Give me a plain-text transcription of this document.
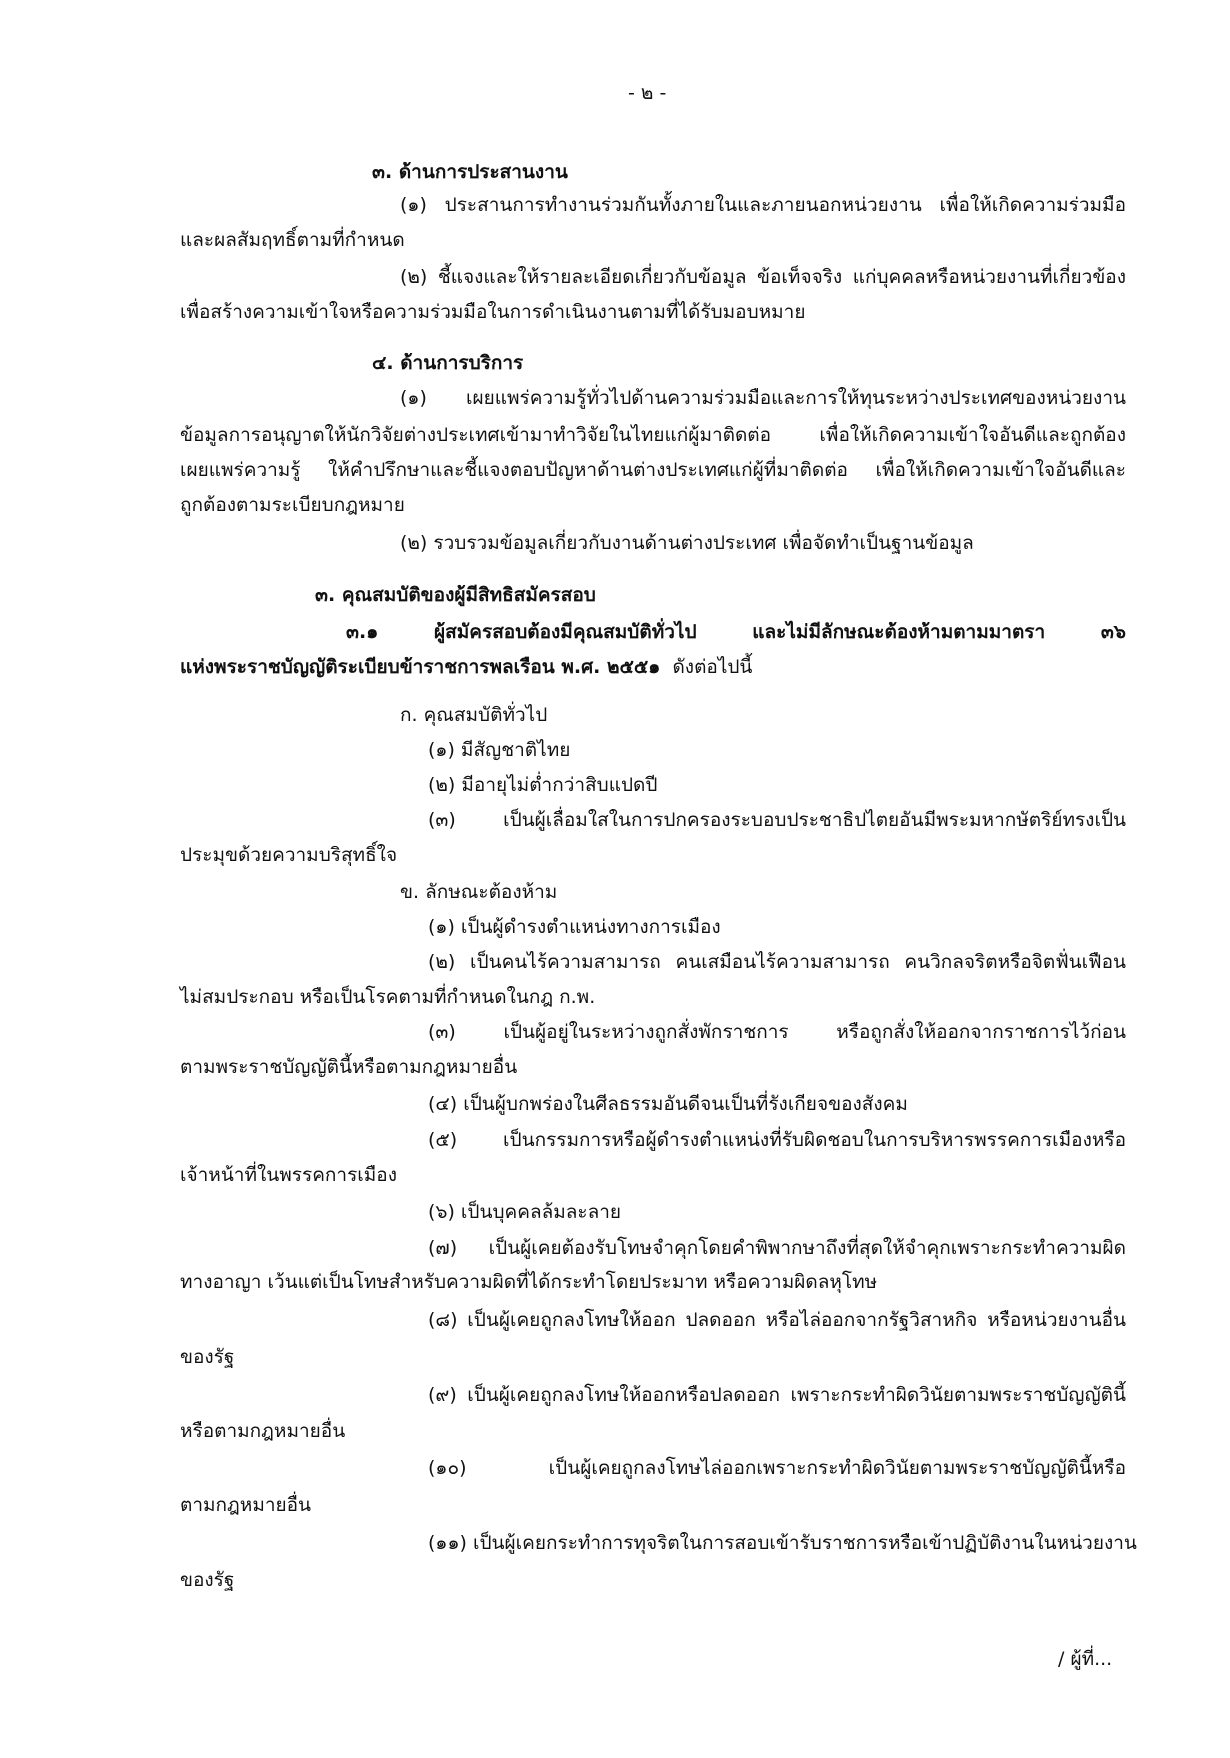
- ๒ -
๓. ด้านการประสานงาน
(๑) ประสานการทำงานร่วมกันทั้งภายในและภายนอกหน่วยงาน เพื่อให้เกิดความร่วมมือ
และผลสัมฤทธิ์ตามที่กำหนด
(๒) ชี้แจงและให้รายละเอียดเกี่ยวกับข้อมูล ข้อเท็จจริง แก่บุคคลหรือหน่วยงานที่เกี่ยวข้อง
เพื่อสร้างความเข้าใจหรือความร่วมมือในการดำเนินงานตามที่ได้รับมอบหมาย
๔. ด้านการบริการ
(๑) เผยแพร่ความรู้ทั่วไปด้านความร่วมมือและการให้ทุนระหว่างประเทศของหน่วยงาน
ข้อมูลการอนุญาตให้นักวิจัยต่างประเทศเข้ามาทำวิจัยในไทยแก่ผู้มาติดต่อ เพื่อให้เกิดความเข้าใจอันดีและถูกต้อง
เผยแพร่ความรู้ ให้คำปรึกษาและชี้แจงตอบปัญหาด้านต่างประเทศแก่ผู้ที่มาติดต่อ เพื่อให้เกิดความเข้าใจอันดีและ
ถูกต้องตามระเบียบกฎหมาย
(๒) รวบรวมข้อมูลเกี่ยวกับงานด้านต่างประเทศ เพื่อจัดทำเป็นฐานข้อมูล
๓. คุณสมบัติของผู้มีสิทธิสมัครสอบ
๓.๑ ผู้สมัครสอบต้องมีคุณสมบัติทั่วไป และไม่มีลักษณะต้องห้ามตามมาตรา ๓๖
แห่งพระราชบัญญัติระเบียบข้าราชการพลเรือน พ.ศ. ๒๕๕๑ ดังต่อไปนี้
ก. คุณสมบัติทั่วไป
(๑) มีสัญชาติไทย
(๒) มีอายุไม่ต่ำกว่าสิบแปดปี
(๓) เป็นผู้เลื่อมใสในการปกครองระบอบประชาธิปไตยอันมีพระมหากษัตริย์ทรงเป็น
ประมุขด้วยความบริสุทธิ์ใจ
ข. ลักษณะต้องห้าม
(๑) เป็นผู้ดำรงตำแหน่งทางการเมือง
(๒) เป็นคนไร้ความสามารถ คนเสมือนไร้ความสามารถ คนวิกลจริตหรือจิตฟั่นเฟือน
ไม่สมประกอบ หรือเป็นโรคตามที่กำหนดในกฎ ก.พ.
(๓) เป็นผู้อยู่ในระหว่างถูกสั่งพักราชการ หรือถูกสั่งให้ออกจากราชการไว้ก่อน
ตามพระราชบัญญัตินี้หรือตามกฎหมายอื่น
(๔) เป็นผู้บกพร่องในศีลธรรมอันดีจนเป็นที่รังเกียจของสังคม
(๕) เป็นกรรมการหรือผู้ดำรงตำแหน่งที่รับผิดชอบในการบริหารพรรคการเมืองหรือ
เจ้าหน้าที่ในพรรคการเมือง
(๖) เป็นบุคคลล้มละลาย
(๗) เป็นผู้เคยต้องรับโทษจำคุกโดยคำพิพากษาถึงที่สุดให้จำคุกเพราะกระทำความผิด
ทางอาญา เว้นแต่เป็นโทษสำหรับความผิดที่ได้กระทำโดยประมาท หรือความผิดลหุโทษ
(๘) เป็นผู้เคยถูกลงโทษให้ออก ปลดออก หรือไล่ออกจากรัฐวิสาหกิจ หรือหน่วยงานอื่น
ของรัฐ
(๙) เป็นผู้เคยถูกลงโทษให้ออกหรือปลดออก เพราะกระทำผิดวินัยตามพระราชบัญญัตินี้
หรือตามกฎหมายอื่น
(๑๐) เป็นผู้เคยถูกลงโทษไล่ออกเพราะกระทำผิดวินัยตามพระราชบัญญัตินี้หรือ
ตามกฎหมายอื่น
(๑๑) เป็นผู้เคยกระทำการทุจริตในการสอบเข้ารับราชการหรือเข้าปฏิบัติงานในหน่วยงาน
ของรัฐ
/ ผู้ที่...
